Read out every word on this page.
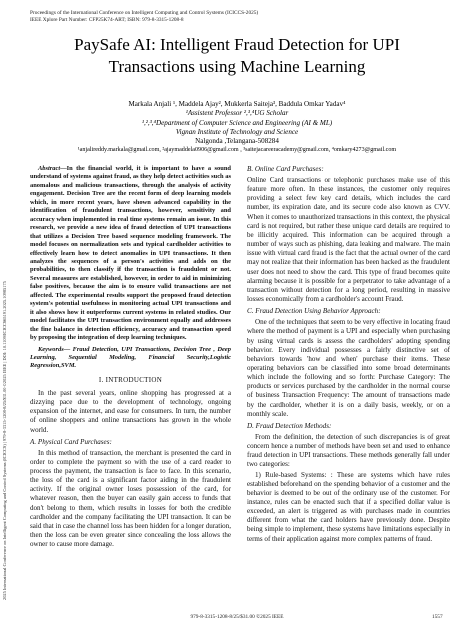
2025 International Conference on Intelligent Computing and Control Systems (ICICCS) | 979-8-3315-1208-8/25/$31.00 ©2025 IEEE | DOI: 10.1109/ICICCS65191.2025.10985175
Proceedings of the International Conference on Intelligent Computing and Control Systems (ICICCS-2025)
IEEE Xplore Part Number: CFP25K74-ART; ISBN: 979-8-3315-1208-8
PaySafe AI: Intelligent Fraud Detection for UPI
Transactions using Machine Learning
Markala Anjali ¹, Maddela Ajay², Mukkerla Saiteja³, Baddula Omkar Yadav⁴
¹Assistent Professor ²,³,⁴UG Scholar
¹,²,³,⁴Department of Computer Science and Engineering (AI & ML)
Vignan Institute of Technology and Science
Nalgonda ,Telangana-508284
¹anjalireddy.markala@gmail.com, ²ajaymaddela0906@gmail.com , ³saitejacareeracademy@gmail.com, ⁴omkary4273@gmail.com

Abstract—In the financial world, it is important to have a sound understand of systems against fraud, as they help detect activities such as anomalous and malicious transactions, through the analysis of activity engagement. Decision Tree are the recent form of deep learning models which, in more recent years, have shown advanced capability in the identification of fraudulent transactions, however, sensitivity and accuracy when implemented in real time systems remain an issue. In this research, we provide a new idea of fraud detection of UPI transactions that utilizes a Decision Tree based sequence modeling framework. The model focuses on normalization sets and typical cardholder activities to effectively learn how to detect anomalies in UPI transactions. It then analyzes the sequences of a person's activities and adds on the probabilities, to then classify if the transaction is fraudulent or not. Several measures are established, however, in order to aid in minimizing false positives, because the aim is to ensure valid transactions are not affected. The experimental results support the proposed fraud detection system's potential usefulness in monitoring actual UPI transactions and it also shows how it outperforms current systems in related studies. Our model facilitates the UPI transaction environment equally and addresses the fine balance in detection efficiency, accuracy and transaction speed by proposing the integration of deep learning techniques.

Keywords— Fraud Detection, UPI Transactions, Decision Tree , Deep Learning, Sequential Modeling, Financial Security,Logistic Regression,SVM.

I. INTRODUCTION

In the past several years, online shopping has progressed at a dizzying pace due to the development of technology, ongoing expansion of the internet, and ease for consumers. In turn, the number of online shoppers and online transactions has grown in the whole world.

A. Physical Card Purchases:

In this method of transaction, the merchant is presented the card in order to complete the payment so with the use of a card reader to process the payment, the transaction is face to face. In this scenario, the loss of the card is a significant factor aiding in the fraudulent activity. If the original owner loses possession of the card, for whatever reason, then the buyer can easily gain access to funds that don't belong to them, which results in losses for both the credible cardholder and the company facilitating the UPI transaction. It can be said that in case the channel loss has been hidden for a longer duration, then the loss can be even greater since concealing the loss allows the owner to cause more damage.

B. Online Card Purchases:

Online Card transactions or telephonic purchases make use of this feature more often. In these instances, the customer only requires providing a select few key card details, which includes the card number, its expiration date, and its secure code also known as CVV. When it comes to unauthorized transactions in this context, the physical card is not required, but rather these unique card details are required to be illicitly acquired. This information can be acquired through a number of ways such as phishing, data leaking and malware. The main issue with virtual card fraud is the fact that the actual owner of the card may not realize that their information has been hacked as the fraudulent user does not need to show the card. This type of fraud becomes quite alarming because it is possible for a perpetrator to take advantage of a transaction without detection for a long period, resulting in massive losses economically from a cardholder's account Fraud.

C. Fraud Detection Using Behavior Approach:

One of the techniques that seem to be very effective in locating fraud where the method of payment is a UPI and especially when purchasing by using virtual cards is assess the cardholders' adopting spending behavior. Every individual possesses a fairly distinctive set of behaviors towards 'how and when' purchase their items. These operating behaviors can be classified into some broad determinants which include the following and so forth: Purchase Category: The products or services purchased by the cardholder in the normal course of business Transaction Frequency: The amount of transactions made by the cardholder, whether it is on a daily basis, weekly, or on a monthly scale.

D. Fraud Detection Methods:

From the definition, the detection of such discrepancies is of great concern hence a number of methods have been set and used to enhance fraud detection in UPI transactions. These methods generally fall under two categories:

1) Rule-based Systems: : These are systems which have rules established beforehand on the spending behavior of a customer and the behavior is deemed to be out of the ordinary use of the customer. For instance, rules can be enacted such that if a specified dollar value is exceeded, an alert is triggered as with purchases made in countries different from what the card holders have previously done. Despite being simple to implement, these systems have limitations especially in terms of their application against more complex patterns of fraud.

979-8-3315-1208-8/25/$31.00 ©2025 IEEE	1557
